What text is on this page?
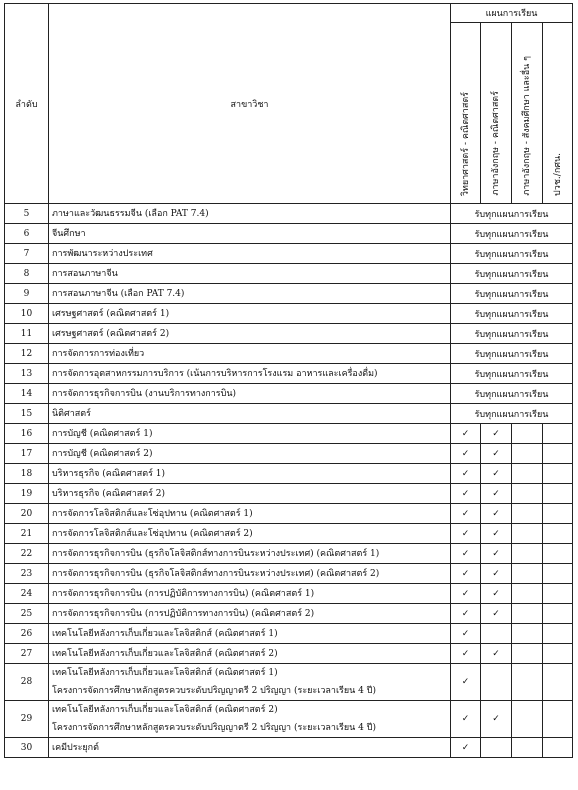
ลำดับ	สาขาวิชา	แผนการเรียน			
		วิทยาศาสตร์ - คณิตศาสตร์	ภาษาอังกฤษ - คณิตศาสตร์	ภาษาอังกฤษ - สังคมศึกษา และอื่น ๆ	ปวช./กศน.
5	ภาษาและวัฒนธรรมจีน (เลือก PAT 7.4)	รับทุกแผนการเรียน			
6	จีนศึกษา	รับทุกแผนการเรียน			
7	การพัฒนาระหว่างประเทศ	รับทุกแผนการเรียน			
8	การสอนภาษาจีน	รับทุกแผนการเรียน			
9	การสอนภาษาจีน (เลือก PAT 7.4)	รับทุกแผนการเรียน			
10	เศรษฐศาสตร์ (คณิตศาสตร์ 1)	รับทุกแผนการเรียน			
11	เศรษฐศาสตร์ (คณิตศาสตร์ 2)	รับทุกแผนการเรียน			
12	การจัดการการท่องเที่ยว	รับทุกแผนการเรียน			
13	การจัดการอุตสาหกรรมการบริการ (เน้นการบริหารการโรงแรม อาหารและเครื่องดื่ม)	รับทุกแผนการเรียน			
14	การจัดการธุรกิจการบิน (งานบริการทางการบิน)	รับทุกแผนการเรียน			
15	นิติศาสตร์	รับทุกแผนการเรียน			
16	การบัญชี (คณิตศาสตร์ 1)	✓	✓		
17	การบัญชี (คณิตศาสตร์ 2)	✓	✓		
18	บริหารธุรกิจ (คณิตศาสตร์ 1)	✓	✓		
19	บริหารธุรกิจ (คณิตศาสตร์ 2)	✓	✓		
20	การจัดการโลจิสติกส์และโซ่อุปทาน (คณิตศาสตร์ 1)	✓	✓		
21	การจัดการโลจิสติกส์และโซ่อุปทาน (คณิตศาสตร์ 2)	✓	✓		
22	การจัดการธุรกิจการบิน (ธุรกิจโลจิสติกส์ทางการบินระหว่างประเทศ) (คณิตศาสตร์ 1)	✓	✓		
23	การจัดการธุรกิจการบิน (ธุรกิจโลจิสติกส์ทางการบินระหว่างประเทศ) (คณิตศาสตร์ 2)	✓	✓		
24	การจัดการธุรกิจการบิน (การปฏิบัติการทางการบิน) (คณิตศาสตร์ 1)	✓	✓		
25	การจัดการธุรกิจการบิน (การปฏิบัติการทางการบิน) (คณิตศาสตร์ 2)	✓	✓		
26	เทคโนโลยีหลังการเก็บเกี่ยวและโลจิสติกส์ (คณิตศาสตร์ 1)	✓			
27	เทคโนโลยีหลังการเก็บเกี่ยวและโลจิสติกส์ (คณิตศาสตร์ 2)	✓	✓		
28	เทคโนโลยีหลังการเก็บเกี่ยวและโลจิสติกส์ (คณิตศาสตร์ 1)
โครงการจัดการศึกษาหลักสูตรควบระดับปริญญาตรี 2 ปริญญา (ระยะเวลาเรียน 4 ปี)	✓			
29	เทคโนโลยีหลังการเก็บเกี่ยวและโลจิสติกส์ (คณิตศาสตร์ 2)
โครงการจัดการศึกษาหลักสูตรควบระดับปริญญาตรี 2 ปริญญา (ระยะเวลาเรียน 4 ปี)	✓	✓		
30	เคมีประยุกต์	✓			
